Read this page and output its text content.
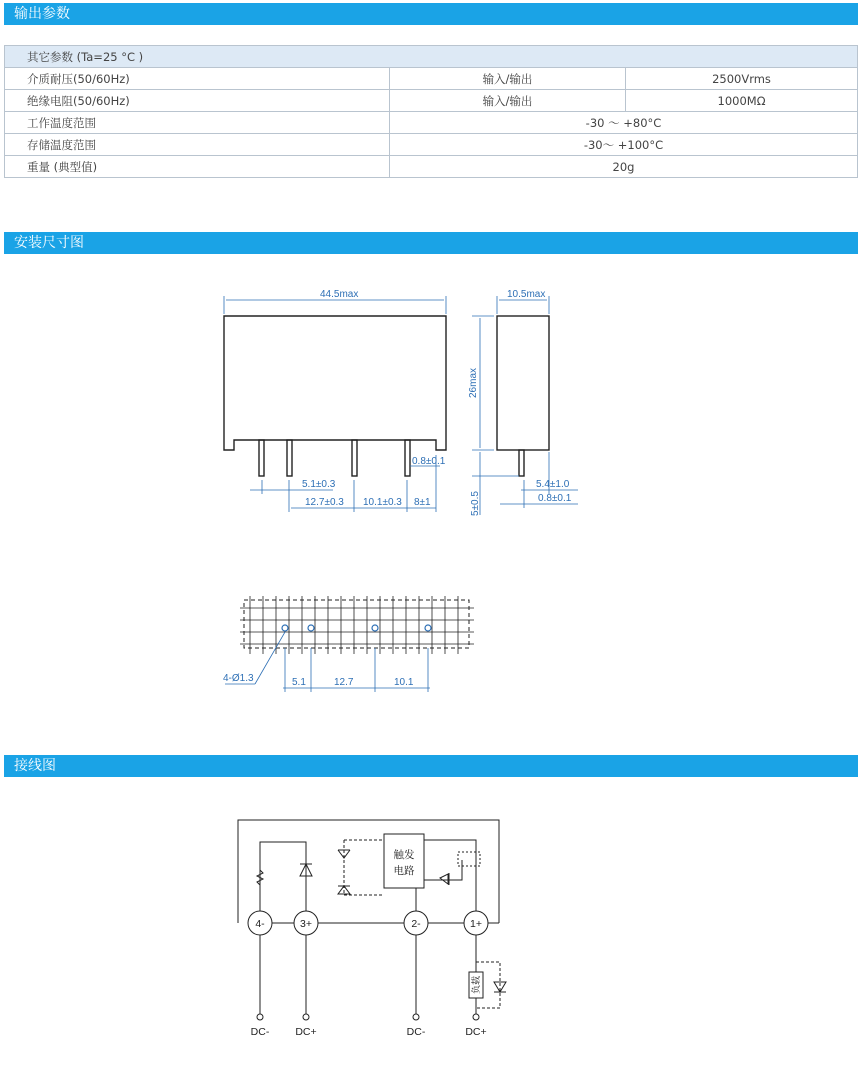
输出参数
其它参数 (Ta=25 °C )		
介质耐压(50/60Hz)	输入/输出	2500Vrms
绝缘电阻(50/60Hz)	输入/输出	1000MΩ
工作温度范围	-30 ～ +80°C	
存储温度范围	-30～ +100°C	
重量 (典型值)	20g	
安装尺寸图
44.5max	10.5max
26max
0.8±0.1
5.1±0.3
12.7±0.3 10.1±0.3 8±1	5±0.5
5.4±1.0
0.8±0.1
4-Ø1.3	5.1	12.7	10.1
接线图
触发
电路
负载
4-	3+	2-	1+
DC- DC+	DC-	DC+
